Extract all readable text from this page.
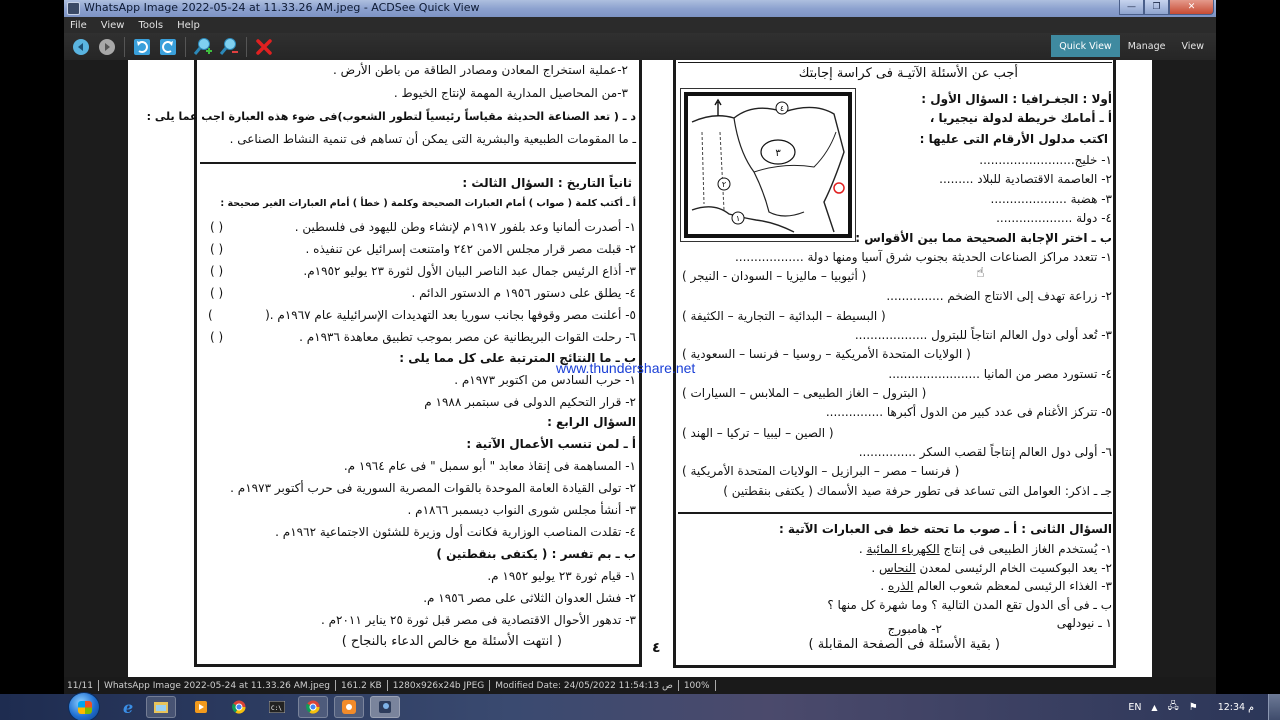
WhatsApp Image 2022-05-24 at 11.33.26 AM.jpeg - ACDSee Quick View	—	❐	✕
File View Tools Help
Quick View	Manage	View
٢-عملية استخراج المعادن ومصادر الطاقة من باطن الأرض .
٣-من المحاصيل المدارية المهمة لإنتاج الخيوط .
د ـ ( تعد الصناعة الحديثة مقياساً رئيسياً لتطور الشعوب)فى ضوء هذه العبارة اجب عما يلى :
ـ ما المقومات الطبيعية والبشرية التى يمكن أن تساهم فى تنمية النشاط الصناعى .
ثانياً التاريخ : السؤال الثالث :
أ ـ أكتب كلمة ( صواب ) أمام العبارات الصحيحة وكلمة ( خطأ ) أمام العبارات الغير صحيحة :
١- أصدرت ألمانيا وعد بلفور ١٩١٧م لإنشاء وطن لليهود فى فلسطين .
( )
٢- قبلت مصر قرار مجلس الامن ٢٤٢ وامتنعت إسرائيل عن تنفيذه .
( )
٣- أذاع الرئيس جمال عبد الناصر البيان الأول لثورة ٢٣ يوليو ١٩٥٢م.
( )
٤- يطلق على دستور ١٩٥٦ م الدستور الدائم .
( )
٥- أعلنت مصر وقوفها بجانب سوريا بعد التهديدات الإسرائيلية عام ١٩٦٧م .(
)
٦- رحلت القوات البريطانية عن مصر بموجب تطبيق معاهدة ١٩٣٦م .
( )
ب ـ ما النتائج المترتبة على كل مما يلى :
١- حرب السادس من اكتوبر ١٩٧٣م .
٢- قرار التحكيم الدولى فى سبتمبر ١٩٨٨ م
السؤال الرابع :
أ ـ لمن تنسب الأعمال الآتية :
١- المساهمة فى إنقاذ معابد " أبو سمبل " فى عام ١٩٦٤ م.
٢- تولى القيادة العامة الموحدة بالقوات المصرية السورية فى حرب أكتوبر ١٩٧٣م .
٣- أنشأ مجلس شورى النواب ديسمبر ١٨٦٦م .
٤- تقلدت المناصب الوزارية فكانت أول وزيرة للشئون الاجتماعية ١٩٦٢م .
ب ـ بم تفسر : ( يكتفى بنقطتين )
١- قيام ثورة ٢٣ يوليو ١٩٥٢ م.
٢- فشل العدوان الثلاثى على مصر ١٩٥٦ م.
٣- تدهور الأحوال الاقتصادية فى مصر قبل ثورة ٢٥ يناير ٢٠١١م .
( انتهت الأسئلة مع خالص الدعاء بالنجاح )	٤
أجب عن الأسئلة الآتيـة فى كراسة إجابتك
٣
٤
٢
١
أولا : الجغـرافيا : السؤال الأول :
أ ـ أمامك خريطة لدولة نيجيريا ،
اكتب مدلول الأرقام التى عليها :
١- خليج.........................
٢- العاصمة الاقتصادية للبلاد .........
٣- هضبة ....................
٤- دولة ....................
ب ـ اختر الإجابة الصحيحة مما بين الأقواس :
١- تتعدد مراكز الصناعات الحديثة بجنوب شرق آسيا ومنها دولة ..................
( أثيوبيا – ماليزيا – السودان - النيجر )
٢- زراعة تهدف إلى الانتاج الضخم ...............
( البسيطة – البدائية – التجارية – الكثيفة )
٣- تُعد أولى دول العالم انتاجاً للبترول ...................
( الولايات المتحدة الأمريكية – روسيا – فرنسا – السعودية )
٤- تستورد مصر من المانيا ........................
( البترول – الغاز الطبيعى – الملابس – السيارات )
٥- تتركز الأغنام فى عدد كبير من الدول أكبرها ...............
( الصين – ليبيا – تركيا – الهند )
٦- أولى دول العالم إنتاجاً لقصب السكر ...............
( فرنسا – مصر – البرازيل – الولايات المتحدة الأمريكية )
جـ ـ اذكر: العوامل التى تساعد فى تطور حرفة صيد الأسماك ( يكتفى بنقطتين )
السؤال الثانى : أ ـ صوب ما تحته خط فى العبارات الآتية :
١- يُستخدم الغاز الطبيعى فى إنتاج الكهرباء المائية .
٢- يعد البوكسيت الخام الرئيسى لمعدن النحاس .
٣- الغذاء الرئيسى لمعظم شعوب العالم الذره .
ب ـ فى أى الدول تقع المدن التالية ؟ وما شهرة كل منها ؟
١ ـ نيودلهى
٢- هامبورج
( بقية الأسئلة فى الصفحة المقابلة )
www.thundershare.net
☝
11/11 WhatsApp Image 2022-05-24 at 11.33.26 AM.jpeg 161.2 KB 1280x926x24b JPEG Modified Date: 24/05/2022 11:54:13 ص 100%
e	C:\	EN ▲ 🖧 ⚑ 12:34 م
